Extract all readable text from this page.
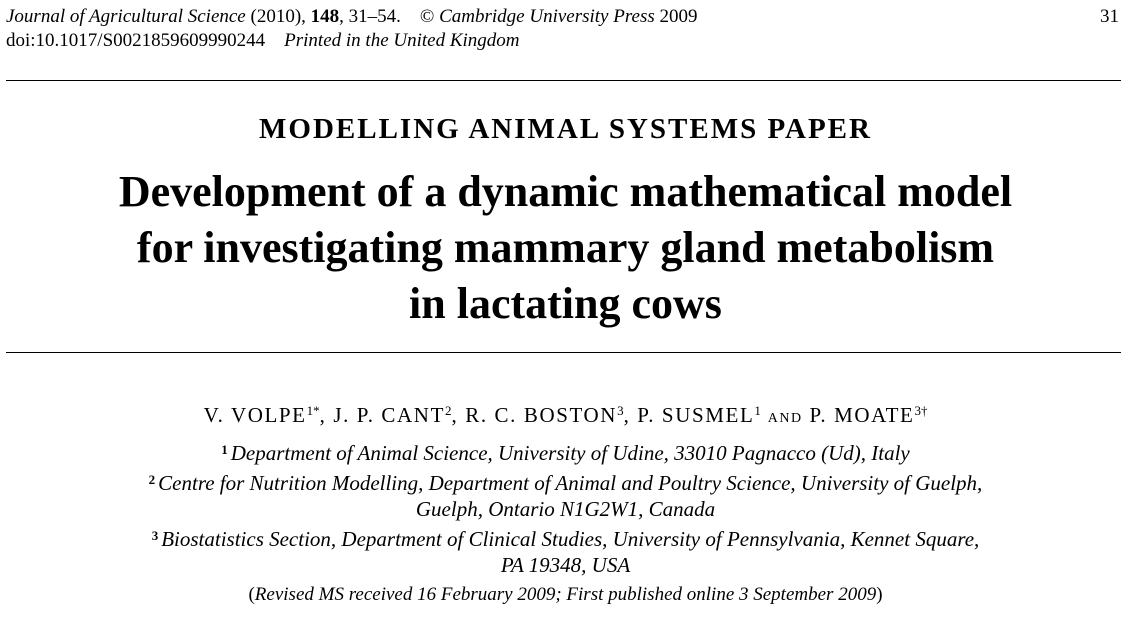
Journal of Agricultural Science (2010), 148, 31–54. © Cambridge University Press 2009
doi:10.1017/S0021859609990244 Printed in the United Kingdom
31
MODELLING ANIMAL SYSTEMS PAPER
Development of a dynamic mathematical model
for investigating mammary gland metabolism
in lactating cows
V. $VOLPE^{1*}$, J. P. CANT$^2$, R. C. BOSTON$^3$, P. SUSMEL$^1$ AND P. $MOATE^{3\dagger}$
$^1$ Department of Animal Science, University of Udine, 33010 Pagnacco (Ud), Italy
$^2$ Centre for Nutrition Modelling, Department of Animal and Poultry Science, University of Guelph,
Guelph, Ontario N1G2W1, Canada
$^3$ Biostatistics Section, Department of Clinical Studies, University of Pennsylvania, Kennet Square,
PA 19348, USA
(Revised MS received 16 February 2009; First published online 3 September 2009)
